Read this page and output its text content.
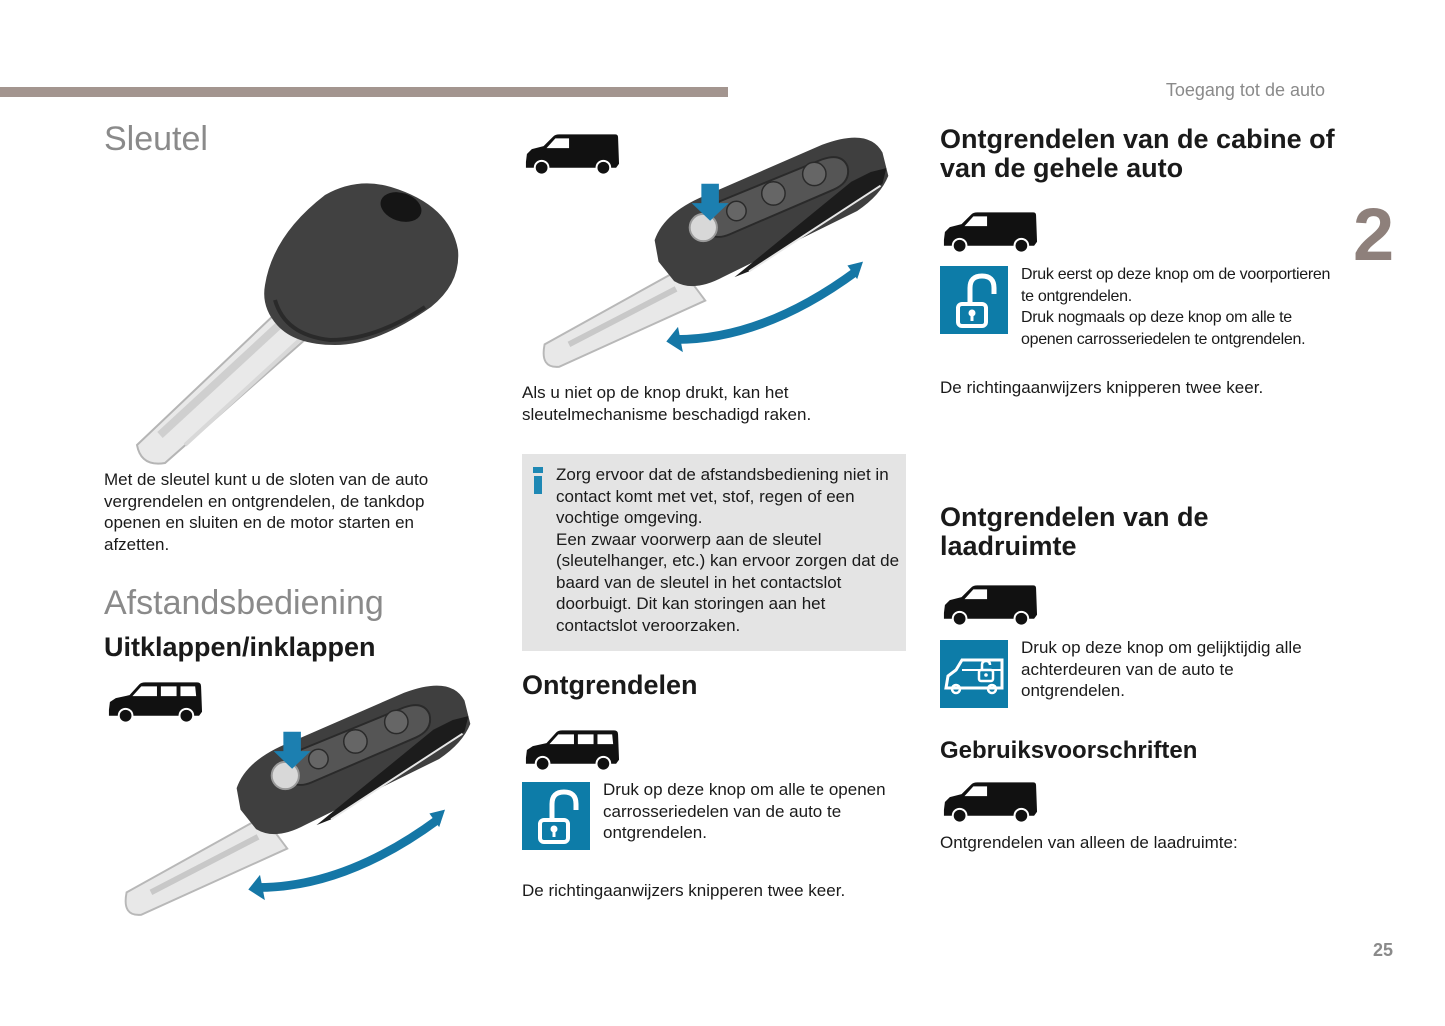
Toegang tot de auto
2
Sleutel
Met de sleutel kunt u de sloten van de auto vergrendelen en ontgrendelen, de tankdop openen en sluiten en de motor starten en afzetten.
Afstandsbediening
Uitklappen/inklappen
Als u niet op de knop drukt, kan het sleutelmechanisme beschadigd raken.
Zorg ervoor dat de afstandsbediening niet in contact komt met vet, stof, regen of een vochtige omgeving.
Een zwaar voorwerp aan de sleutel (sleutelhanger, etc.) kan ervoor zorgen dat de baard van de sleutel in het contactslot doorbuigt. Dit kan storingen aan het contactslot veroorzaken.
Ontgrendelen
Druk op deze knop om alle te openen carrosseriedelen van de auto te ontgrendelen.
De richtingaanwijzers knipperen twee keer.
Ontgrendelen van de cabine of van de gehele auto
Druk eerst op deze knop om de voorportieren te ontgrendelen.
Druk nogmaals op deze knop om alle te openen carrosseriedelen te ontgrendelen.
De richtingaanwijzers knipperen twee keer.
Ontgrendelen van de laadruimte
Druk op deze knop om gelijktijdig alle achterdeuren van de auto te ontgrendelen.
Gebruiksvoorschriften
Ontgrendelen van alleen de laadruimte:
25
